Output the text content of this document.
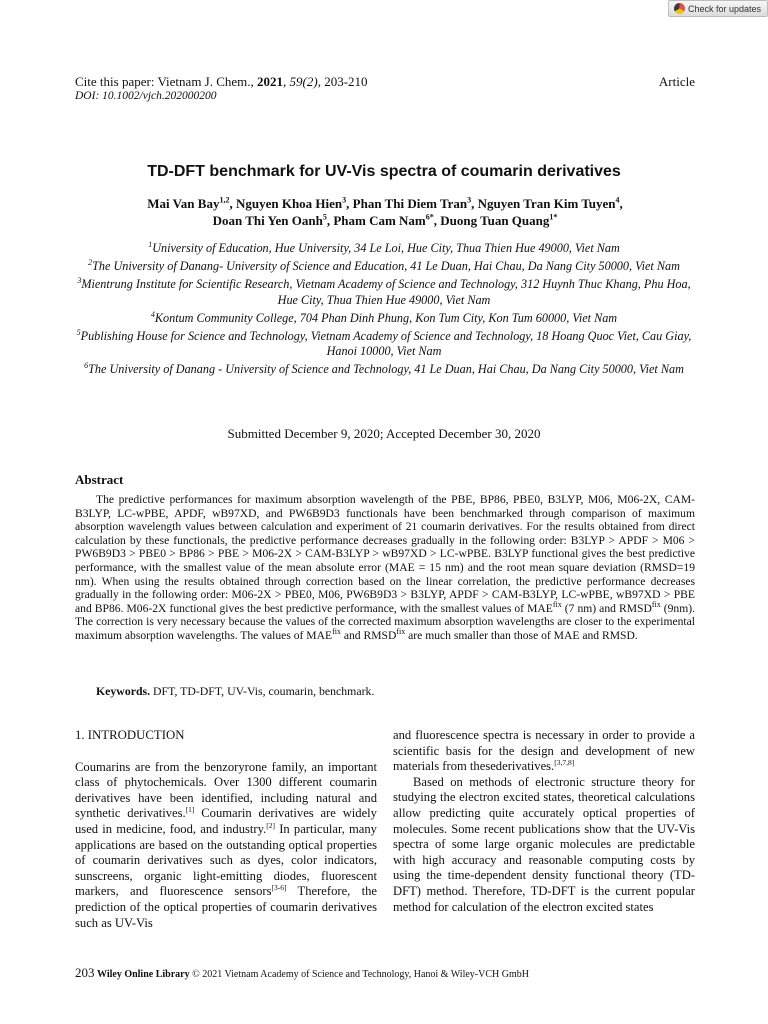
Check for updates
Cite this paper: Vietnam J. Chem., 2021, 59(2), 203-210	Article
DOI: 10.1002/vjch.202000200
TD-DFT benchmark for UV-Vis spectra of coumarin derivatives
Mai Van Bay$^{1,2}$, Nguyen Khoa Hien$^3$, Phan Thi Diem Tran$^3$, Nguyen Tran Kim Tuyen$^4$,
Doan Thi Yen Oanh$^5$, Pham Cam Nam$^{6*}$, Duong Tuan Quang$^{1*}$
$^1$University of Education, Hue University, 34 Le Loi, Hue City, Thua Thien Hue 49000, Viet Nam
$^2$The University of Danang- University of Science and Education, 41 Le Duan, Hai Chau, Da Nang City 50000, Viet Nam
$^3$Mientrung Institute for Scientific Research, Vietnam Academy of Science and Technology, 312 Huynh Thuc Khang, Phu Hoa, Hue City, Thua Thien Hue 49000, Viet Nam
$^4$Kontum Community College, 704 Phan Dinh Phung, Kon Tum City, Kon Tum 60000, Viet Nam
$^5$Publishing House for Science and Technology, Vietnam Academy of Science and Technology, 18 Hoang Quoc Viet, Cau Giay, Hanoi 10000, Viet Nam
$^6$The University of Danang - University of Science and Technology, 41 Le Duan, Hai Chau, Da Nang City 50000, Viet Nam
Submitted December 9, 2020; Accepted December 30, 2020
Abstract
The predictive performances for maximum absorption wavelength of the PBE, BP86, PBE0, B3LYP, M06, M06-2X, CAM-B3LYP, LC-wPBE, APDF, wB97XD, and PW6B9D3 functionals have been benchmarked through comparison of maximum absorption wavelength values between calculation and experiment of 21 coumarin derivatives. For the results obtained from direct calculation by these functionals, the predictive performance decreases gradually in the following order: B3LYP > APDF > M06 > PW6B9D3 > PBE0 > BP86 > PBE > M06-2X > CAM-B3LYP > wB97XD > LC-wPBE. B3LYP functional gives the best predictive performance, with the smallest value of the mean absolute error (MAE = 15 nm) and the root mean square deviation (RMSD=19 nm). When using the results obtained through correction based on the linear correlation, the predictive performance decreases gradually in the following order: M06-2X > PBE0, M06, PW6B9D3 > B3LYP, APDF > CAM-B3LYP, LC-wPBE, wB97XD > PBE and BP86. M06-2X functional gives the best predictive performance, with the smallest values of $MAE^{fix}$ (7 nm) and $RMSD^{fix}$ (9nm). The correction is very necessary because the values of the corrected maximum absorption wavelengths are closer to the experimental maximum absorption wavelengths. The values of $MAE^{fix}$ and $RMSD^{fix}$ are much smaller than those of MAE and RMSD.
Keywords. DFT, TD-DFT, UV-Vis, coumarin, benchmark.
1. INTRODUCTION
Coumarins are from the benzoryrone family, an important class of phytochemicals. Over 1300 different coumarin derivatives have been identified, including natural and synthetic derivatives.[1] Coumarin derivatives are widely used in medicine, food, and industry.[2] In particular, many applications are based on the outstanding optical properties of coumarin derivatives such as dyes, color indicators, sunscreens, organic light-emitting diodes, fluorescent markers, and fluorescence sensors[3-6] Therefore, the prediction of the optical properties of coumarin derivatives such as UV-Vis
and fluorescence spectra is necessary in order to provide a scientific basis for the design and development of new materials from thesederivatives.[3,7,8]
Based on methods of electronic structure theory for studying the electron excited states, theoretical calculations allow predicting quite accurately optical properties of molecules. Some recent publications show that the UV-Vis spectra of some large organic molecules are predictable with high accuracy and reasonable computing costs by using the time-dependent density functional theory (TD-DFT) method. Therefore, TD-DFT is the current popular method for calculation of the electron excited states
203 Wiley Online Library © 2021 Vietnam Academy of Science and Technology, Hanoi & Wiley-VCH GmbH
